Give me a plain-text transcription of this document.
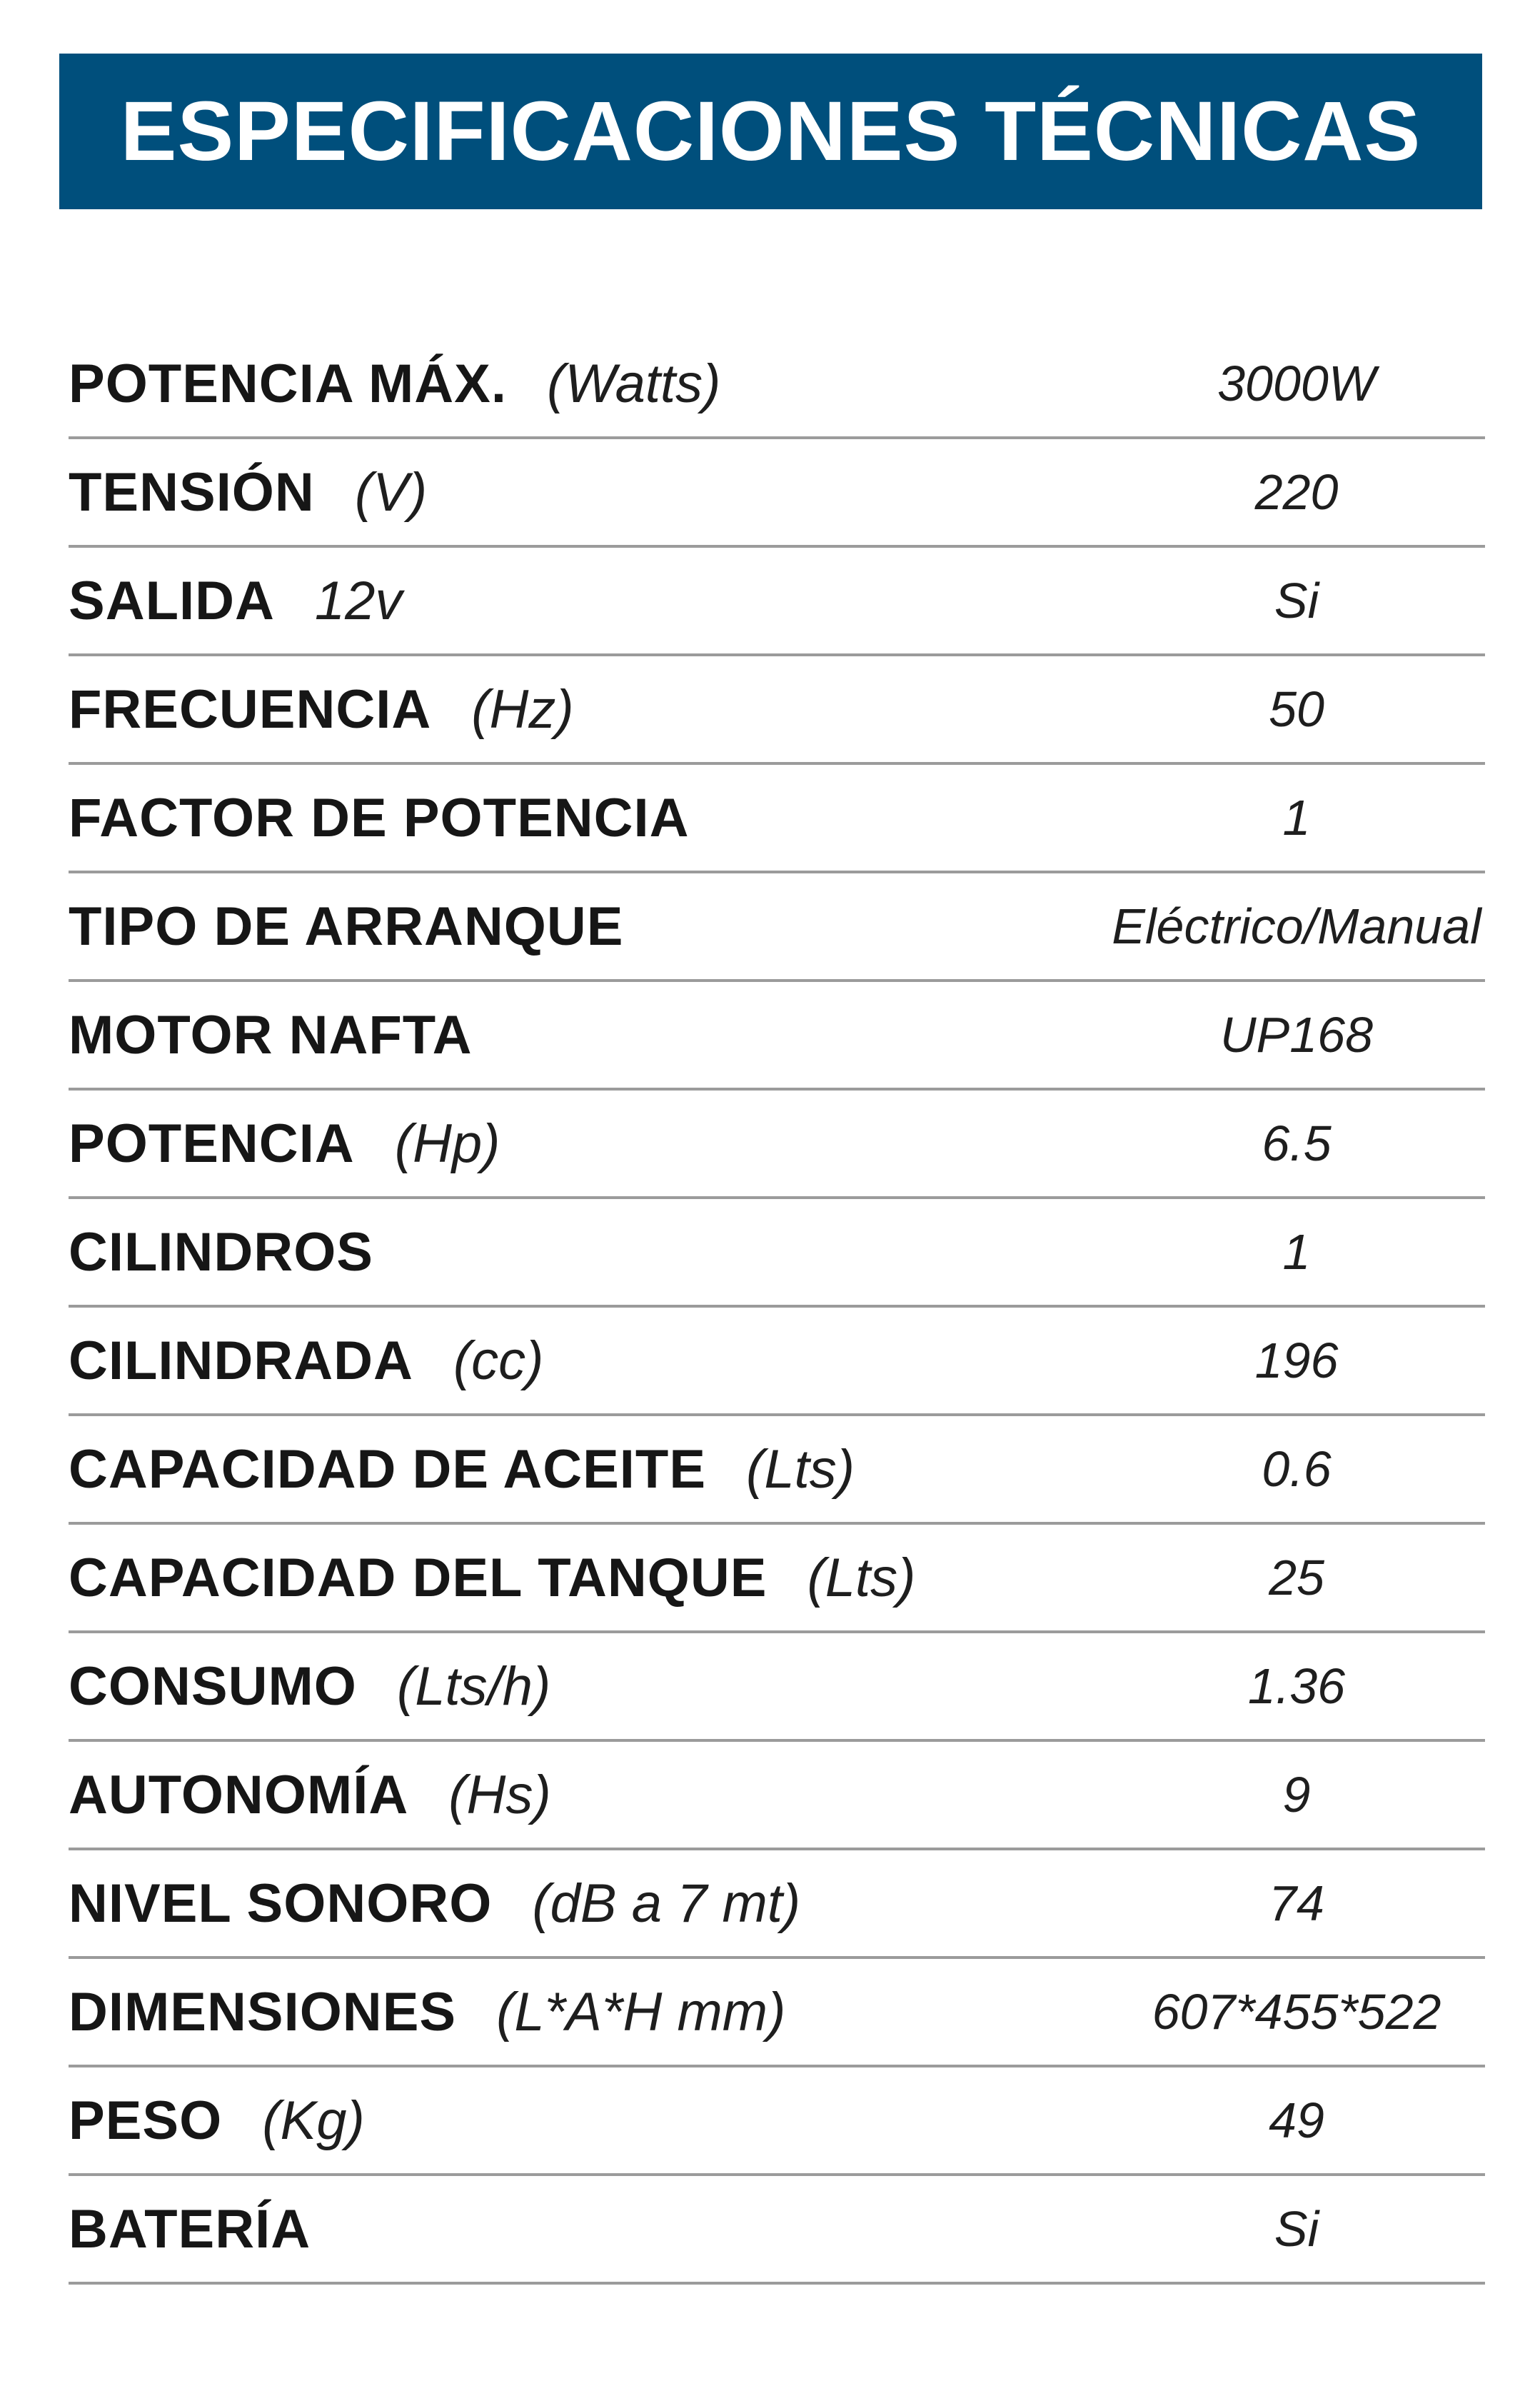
ESPECIFICACIONES TÉCNICAS
POTENCIA MÁX. (Watts)	3000W
TENSIÓN (V)	220
SALIDA 12v	Si
FRECUENCIA (Hz)	50
FACTOR DE POTENCIA	1
TIPO DE ARRANQUE	Eléctrico/Manual
MOTOR NAFTA	UP168
POTENCIA (Hp)	6.5
CILINDROS	1
CILINDRADA (cc)	196
CAPACIDAD DE ACEITE (Lts)	0.6
CAPACIDAD DEL TANQUE (Lts)	25
CONSUMO (Lts/h)	1.36
AUTONOMÍA (Hs)	9
NIVEL SONORO (dB a 7 mt)	74
DIMENSIONES (L*A*H mm)	607*455*522
PESO (Kg)	49
BATERÍA	Si
